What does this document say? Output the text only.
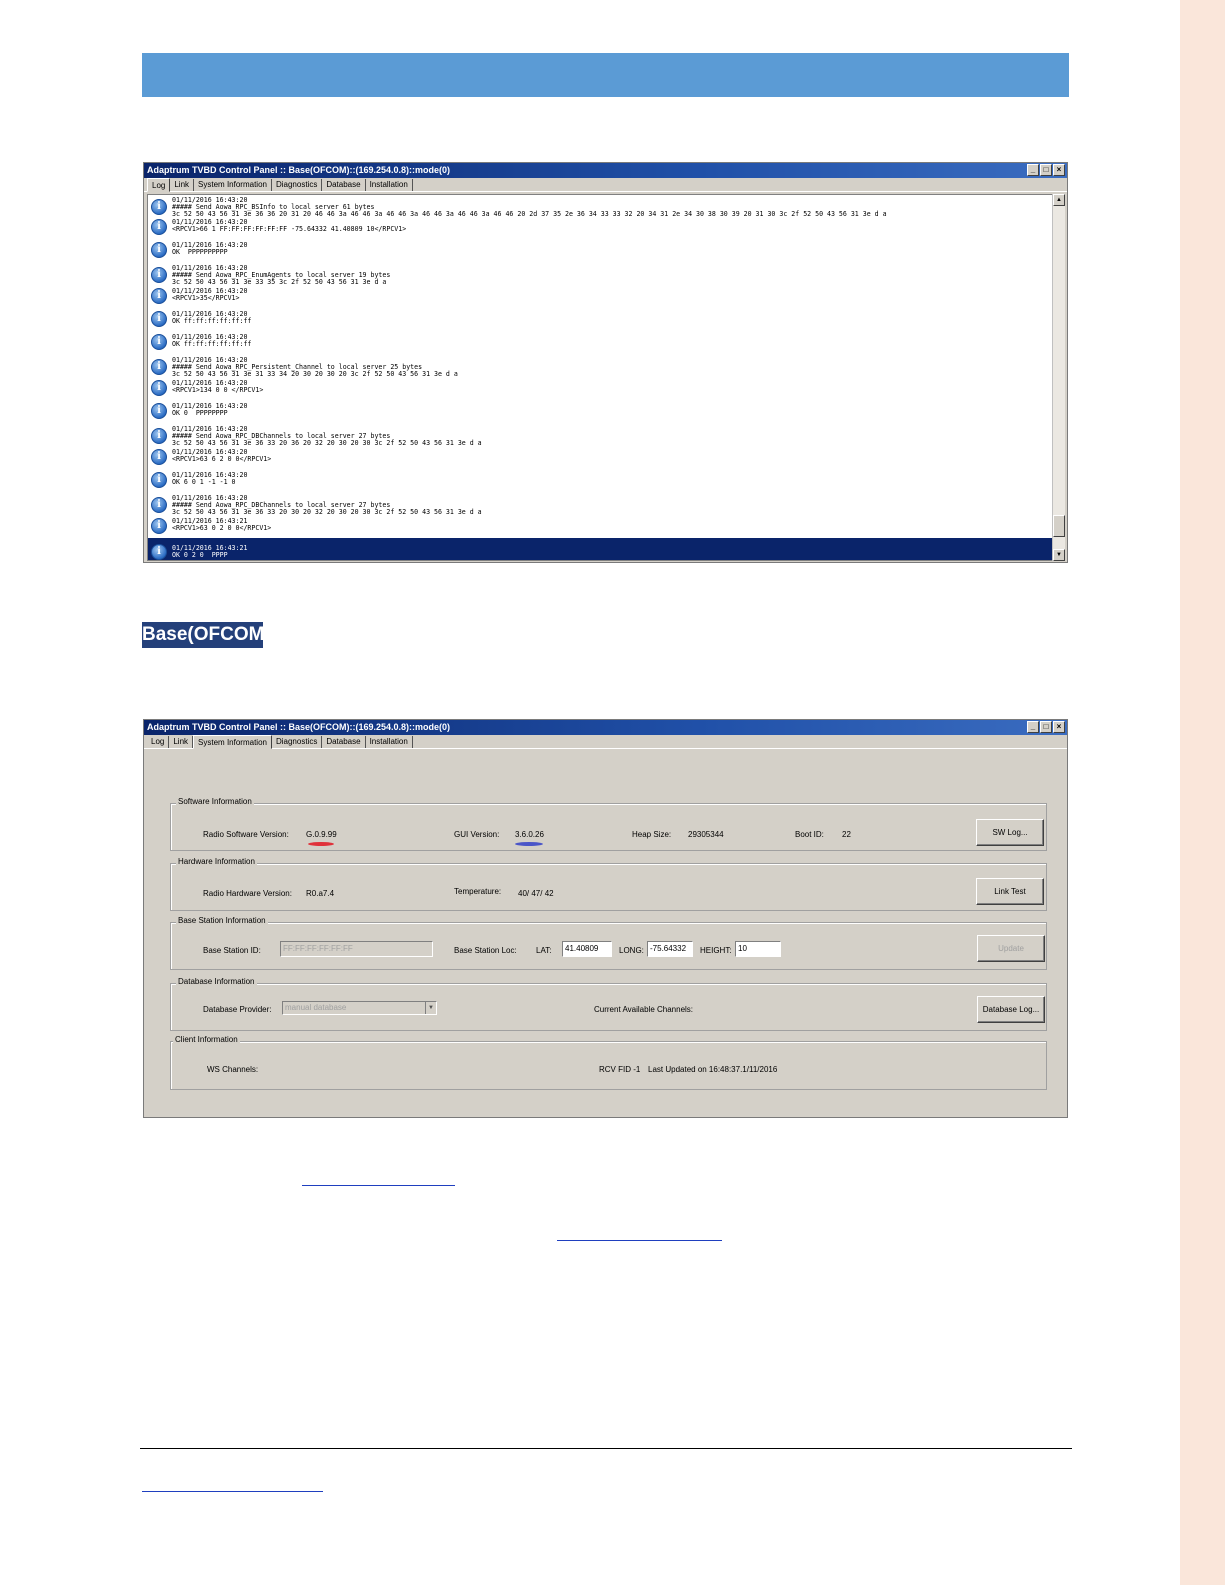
Adaptrum TVBD Control Panel :: Base(OFCOM)::(169.254.0.8)::mode(0)	_	□	×
Log	Link	System Information	Diagnostics	Database	Installation
i
01/11/2016 16:43:20
##### Send Aowa_RPC_BSInfo to local server 61 bytes
3c 52 50 43 56 31 3e 36 36 20 31 20 46 46 3a 46 46 3a 46 46 3a 46 46 3a 46 46 3a 46 46 20 2d 37 35 2e 36 34 33 33 32 20 34 31 2e 34 30 38 30 39 20 31 30 3c 2f 52 50 43 56 31 3e d a
i	01/11/2016 16:43:20
<RPCV1>66 1 FF:FF:FF:FF:FF:FF -75.64332 41.40809 10</RPCV1>
i	01/11/2016 16:43:20
OK  PPPPPPPPPP
i
01/11/2016 16:43:20
##### Send Aowa_RPC_EnumAgents to local server 19 bytes
3c 52 50 43 56 31 3e 33 35 3c 2f 52 50 43 56 31 3e d a
i	01/11/2016 16:43:20
<RPCV1>35</RPCV1>
i	01/11/2016 16:43:20
OK ff:ff:ff:ff:ff:ff
i	01/11/2016 16:43:20
OK ff:ff:ff:ff:ff:ff
i
01/11/2016 16:43:20
##### Send Aowa_RPC_Persistent_Channel to local server 25 bytes
3c 52 50 43 56 31 3e 31 33 34 20 30 20 30 20 3c 2f 52 50 43 56 31 3e d a
i	01/11/2016 16:43:20
<RPCV1>134 0 0 </RPCV1>
i	01/11/2016 16:43:20
OK 0  PPPPPPPP
i
01/11/2016 16:43:20
##### Send Aowa_RPC_DBChannels to local server 27 bytes
3c 52 50 43 56 31 3e 36 33 20 36 20 32 20 30 20 30 3c 2f 52 50 43 56 31 3e d a
i	01/11/2016 16:43:20
<RPCV1>63 6 2 0 0</RPCV1>
i	01/11/2016 16:43:20
OK 6 0 1 -1 -1 0
i
01/11/2016 16:43:20
##### Send Aowa_RPC_DBChannels to local server 27 bytes
3c 52 50 43 56 31 3e 36 33 20 30 20 32 20 30 20 30 3c 2f 52 50 43 56 31 3e d a
i	01/11/2016 16:43:21
<RPCV1>63 0 2 0 0</RPCV1>
i	01/11/2016 16:43:21
OK 0 2 0  PPPP
▲
▼
Base(OFCOM)
Adaptrum TVBD Control Panel :: Base(OFCOM)::(169.254.0.8)::mode(0)	_	□	×
Log	Link	System Information	Diagnostics	Database	Installation
Software Information
Radio Software Version: G.0.9.99	GUI Version: 3.6.0.26	Heap Size: 29305344	Boot ID: 22	SW Log...
Hardware Information
Radio Hardware Version: R0.a7.4	Temperature: 40/ 47/ 42	Link Test
Base Station Information
Base Station ID:	FF:FF:FF:FF:FF:FF	Base Station Loc: LAT:	41.40809	LONG: -75.64332	HEIGHT: 10	Update
Database Information
Database Provider:	manual database	▼	Current Available Channels:	Database Log...
Client Information
WS Channels:	RCV FID -1 Last Updated on 16:48:37.1/11/2016
